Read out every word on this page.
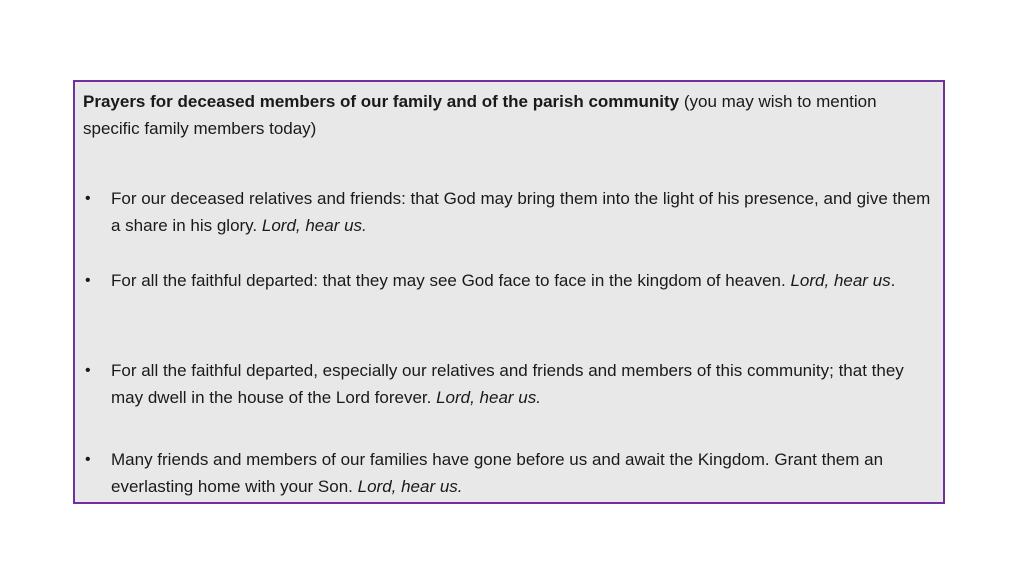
Prayers for deceased members of our family and of the parish community (you may wish to mention specific family members today)
•	For our deceased relatives and friends: that God may bring them into the light of his presence, and give them a share in his glory. Lord, hear us.
•	For all the faithful departed: that they may see God face to face in the kingdom of heaven. Lord, hear us.
•	For all the faithful departed, especially our relatives and friends and members of this community; that they may dwell in the house of the Lord forever. Lord, hear us.
•	Many friends and members of our families have gone before us and await the Kingdom. Grant them an everlasting home with your Son. Lord, hear us.
